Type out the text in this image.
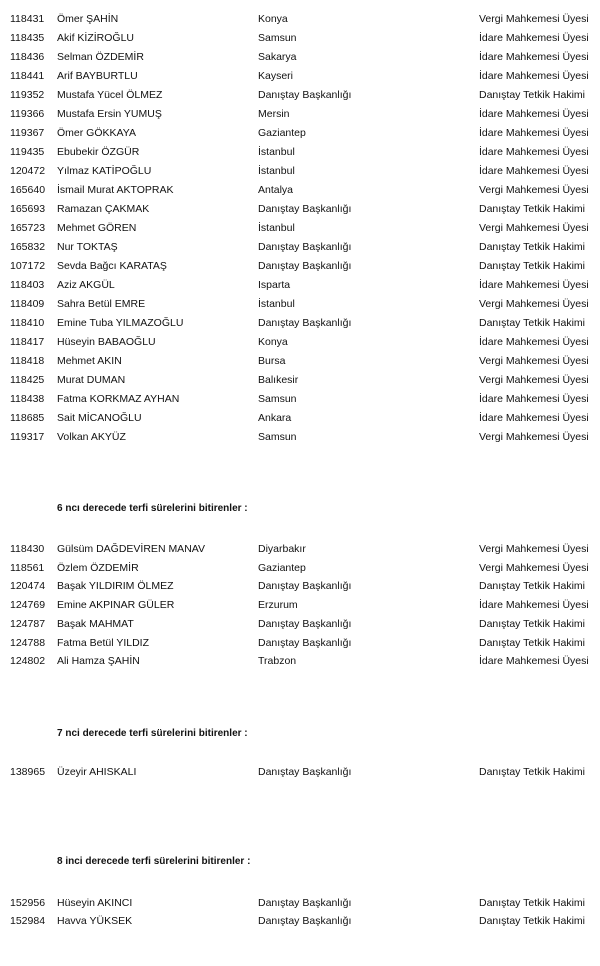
118431 Ömer ŞAHİN	Konya	Vergi Mahkemesi Üyesi
118435 Akif KİZİROĞLU	Samsun	İdare Mahkemesi Üyesi
118436 Selman ÖZDEMİR	Sakarya	İdare Mahkemesi Üyesi
118441 Arif BAYBURTLU	Kayseri	İdare Mahkemesi Üyesi
119352 Mustafa Yücel ÖLMEZ	Danıştay Başkanlığı	Danıştay Tetkik Hakimi
119366 Mustafa Ersin YUMUŞ	Mersin	İdare Mahkemesi Üyesi
119367 Ömer GÖKKAYA	Gaziantep	İdare Mahkemesi Üyesi
119435 Ebubekir ÖZGÜR	İstanbul	İdare Mahkemesi Üyesi
120472 Yılmaz KATİPOĞLU	İstanbul	İdare Mahkemesi Üyesi
165640 İsmail Murat AKTOPRAK	Antalya	Vergi Mahkemesi Üyesi
165693 Ramazan ÇAKMAK	Danıştay Başkanlığı	Danıştay Tetkik Hakimi
165723 Mehmet GÖREN	İstanbul	Vergi Mahkemesi Üyesi
165832 Nur TOKTAŞ	Danıştay Başkanlığı	Danıştay Tetkik Hakimi
107172 Sevda Bağcı KARATAŞ	Danıştay Başkanlığı	Danıştay Tetkik Hakimi
118403 Aziz AKGÜL	Isparta	İdare Mahkemesi Üyesi
118409 Sahra Betül EMRE	İstanbul	Vergi Mahkemesi Üyesi
118410 Emine Tuba YILMAZOĞLU	Danıştay Başkanlığı	Danıştay Tetkik Hakimi
118417 Hüseyin BABAOĞLU	Konya	İdare Mahkemesi Üyesi
118418 Mehmet AKIN	Bursa	Vergi Mahkemesi Üyesi
118425 Murat DUMAN	Balıkesir	Vergi Mahkemesi Üyesi
118438 Fatma KORKMAZ AYHAN	Samsun	İdare Mahkemesi Üyesi
118685 Sait MİCANOĞLU	Ankara	İdare Mahkemesi Üyesi
119317 Volkan AKYÜZ	Samsun	Vergi Mahkemesi Üyesi
6 ncı derecede terfi sürelerini bitirenler :
118430 Gülsüm DAĞDEVİREN MANAV	Diyarbakır	Vergi Mahkemesi Üyesi
118561 Özlem ÖZDEMİR	Gaziantep	Vergi Mahkemesi Üyesi
120474 Başak YILDIRIM ÖLMEZ	Danıştay Başkanlığı	Danıştay Tetkik Hakimi
124769 Emine AKPINAR GÜLER	Erzurum	İdare Mahkemesi Üyesi
124787 Başak MAHMAT	Danıştay Başkanlığı	Danıştay Tetkik Hakimi
124788 Fatma Betül YILDIZ	Danıştay Başkanlığı	Danıştay Tetkik Hakimi
124802 Ali Hamza ŞAHİN	Trabzon	İdare Mahkemesi Üyesi
7 nci derecede terfi sürelerini bitirenler :
138965 Üzeyir AHISKALI	Danıştay Başkanlığı	Danıştay Tetkik Hakimi
8 inci derecede terfi sürelerini bitirenler :
152956 Hüseyin AKINCI	Danıştay Başkanlığı	Danıştay Tetkik Hakimi
152984 Havva YÜKSEK	Danıştay Başkanlığı	Danıştay Tetkik Hakimi
